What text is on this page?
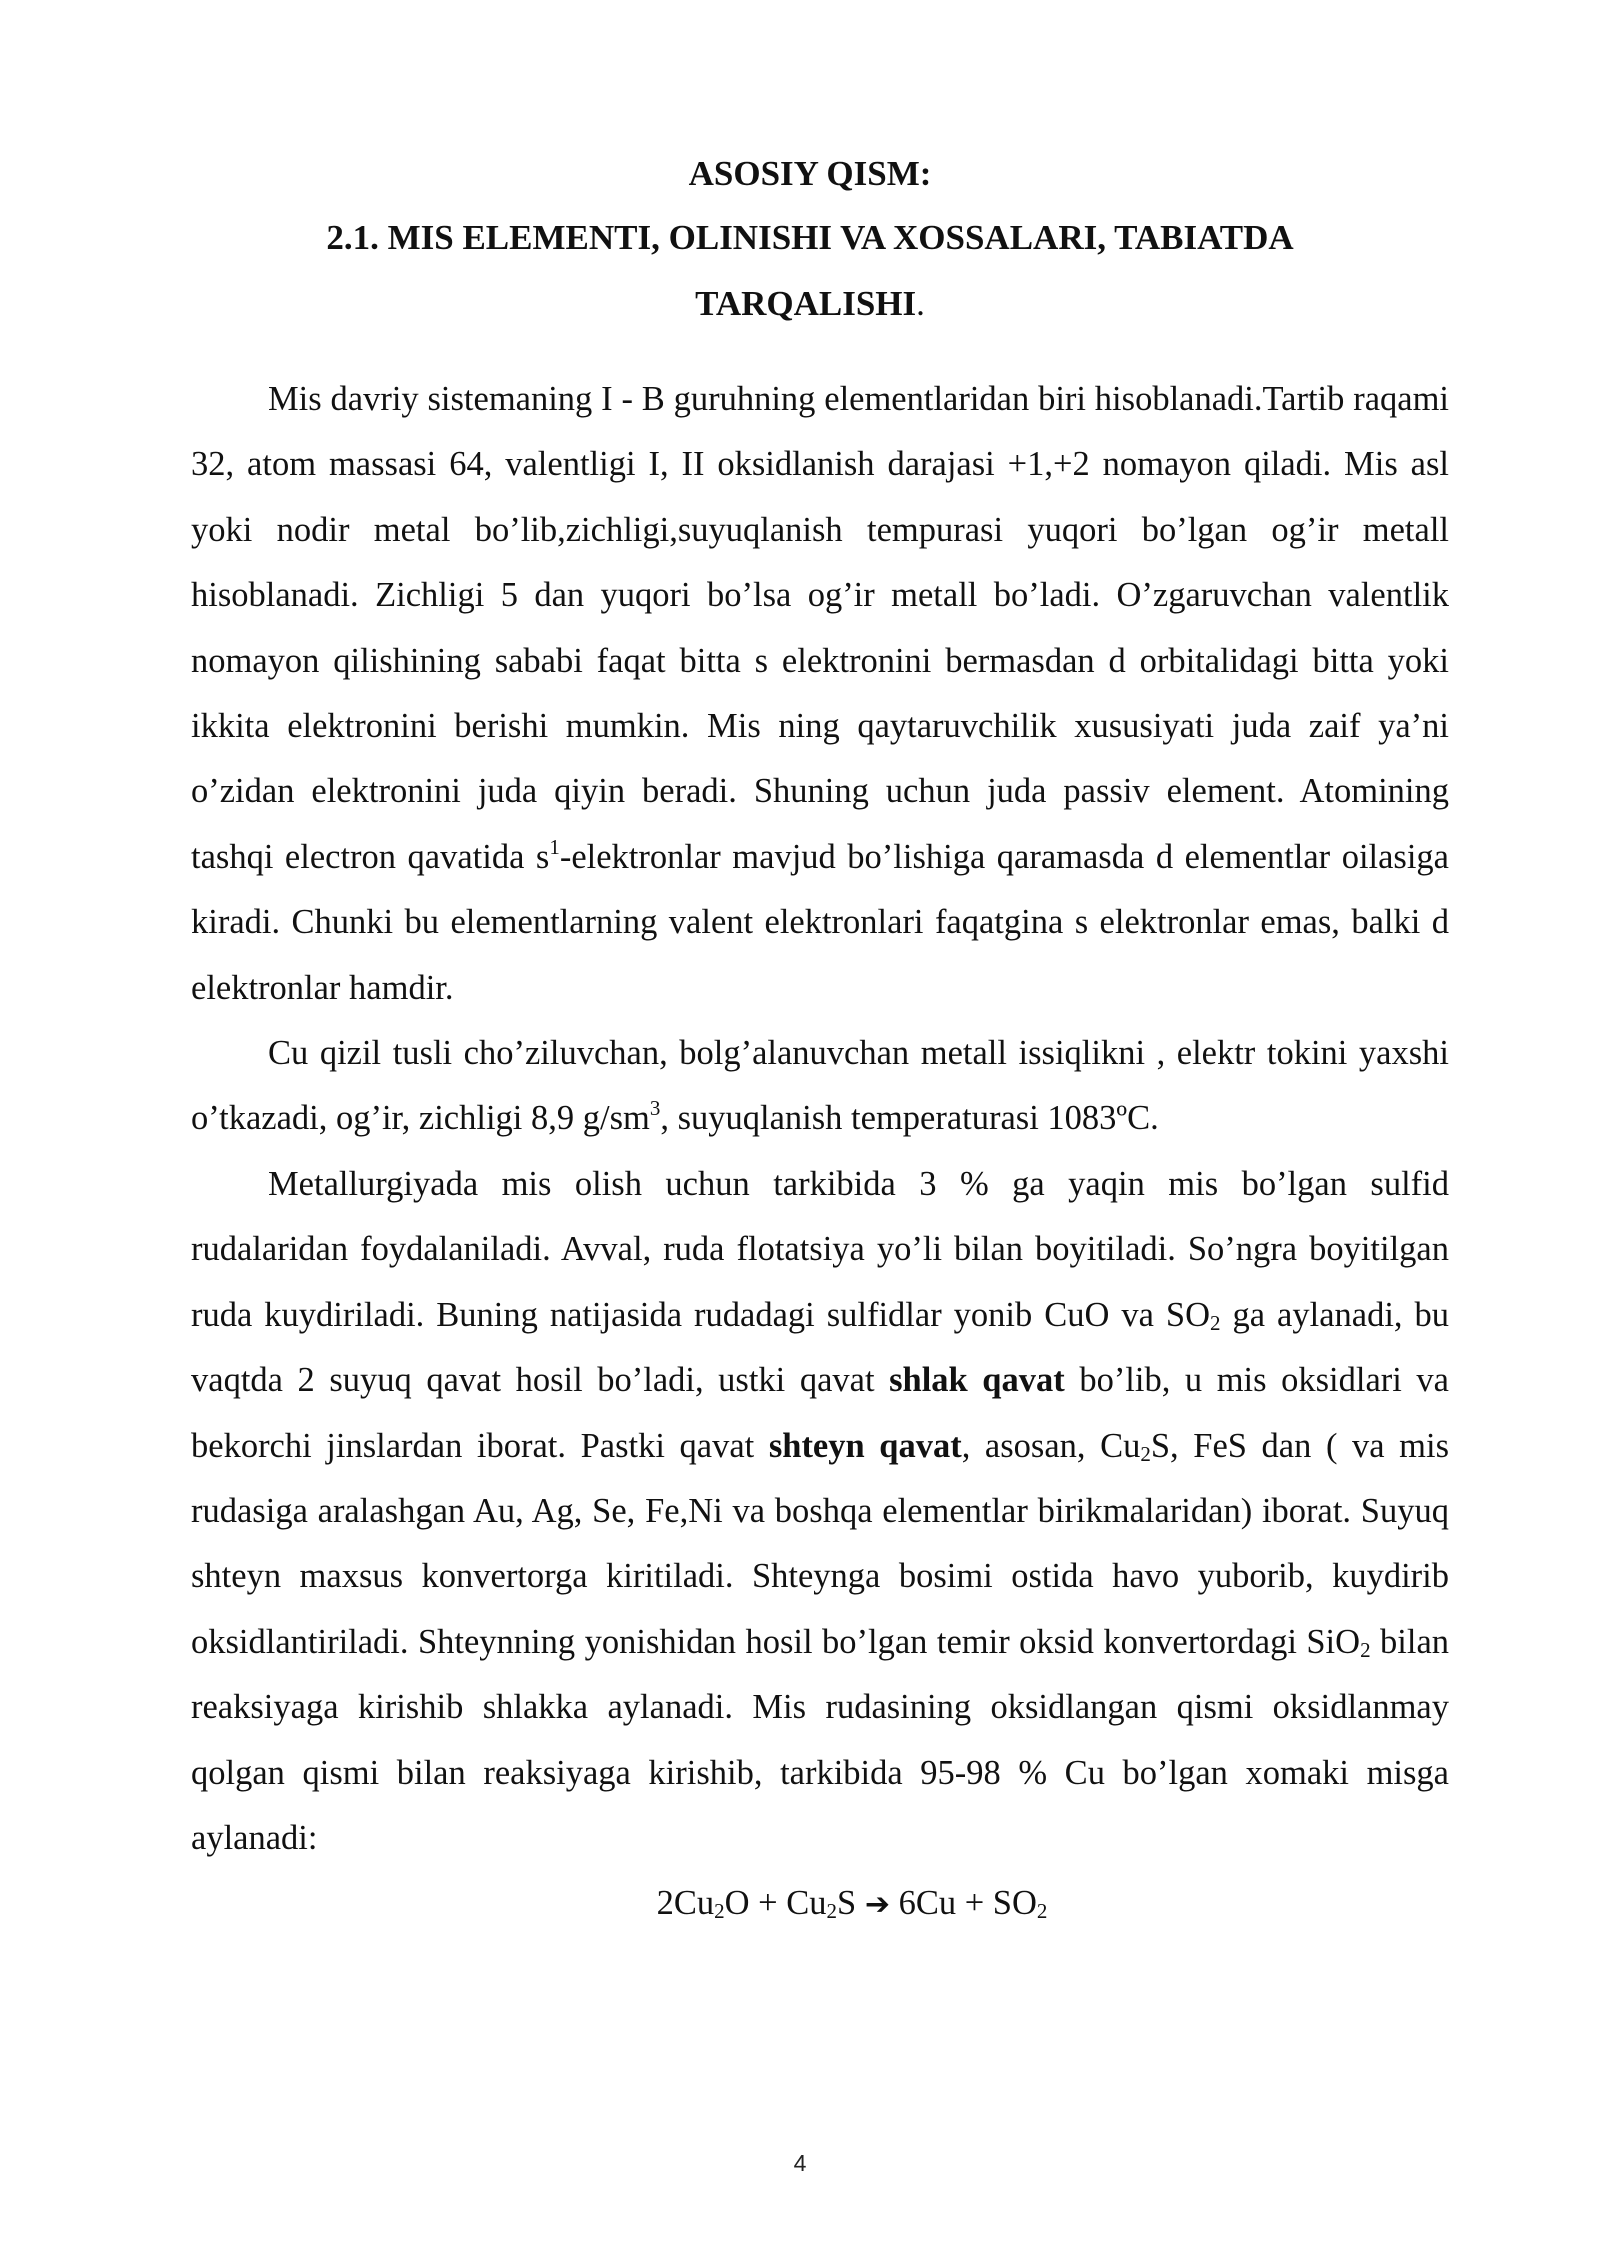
ASOSIY QISM:
2.1. MIS ELEMENTI, OLINISHI VA XOSSALARI, TABIATDA
TARQALISHI.

Mis davriy sistemaning I - B guruhning elementlaridan biri hisoblanadi.Tartib raqami 32, atom massasi 64, valentligi I, II oksidlanish darajasi +1,+2 nomayon qiladi. Mis asl yoki nodir metal bo’lib,zichligi,suyuqlanish tempurasi yuqori bo’lgan og’ir metall hisoblanadi. Zichligi 5 dan yuqori bo’lsa og’ir metall bo’ladi. O’zgaruvchan valentlik nomayon qilishining sababi faqat bitta s elektronini bermasdan d orbitalidagi bitta yoki ikkita elektronini berishi mumkin. Mis ning qaytaruvchilik xususiyati juda zaif ya’ni o’zidan elektronini juda qiyin beradi. Shuning uchun juda passiv element. Atomining tashqi electron qavatida $s^1$-elektronlar mavjud bo’lishiga qaramasda d elementlar oilasiga kiradi. Chunki bu elementlarning valent elektronlari faqatgina s elektronlar emas, balki d elektronlar hamdir.

Cu qizil tusli cho’ziluvchan, bolg’alanuvchan metall issiqlikni , elektr tokini yaxshi o’tkazadi, og’ir, zichligi 8,9 $g/sm^3$, suyuqlanish temperaturasi 1083ºC.

Metallurgiyada mis olish uchun tarkibida 3 % ga yaqin mis bo’lgan sulfid rudalaridan foydalaniladi. Avval, ruda flotatsiya yo’li bilan boyitiladi. So’ngra boyitilgan ruda kuydiriladi. Buning natijasida rudadagi sulfidlar yonib CuO va $SO_2$ ga aylanadi, bu vaqtda 2 suyuq qavat hosil bo’ladi, ustki qavat shlak qavat bo’lib, u mis oksidlari va bekorchi jinslardan iborat. Pastki qavat shteyn qavat, asosan, $Cu_2S$, FeS dan ( va mis rudasiga aralashgan Au, Ag, Se, Fe,Ni va boshqa elementlar birikmalaridan) iborat. Suyuq shteyn maxsus konvertorga kiritiladi. Shteynga bosimi ostida havo yuborib, kuydirib oksidlantiriladi. Shteynning yonishidan hosil bo’lgan temir oksid konvertordagi SiO$_2$ bilan reaksiyaga kirishib shlakka aylanadi. Mis rudasining oksidlangan qismi oksidlanmay qolgan qismi bilan reaksiyaga kirishib, tarkibida 95-98 % Cu bo’lgan xomaki misga aylanadi:

$2Cu_2O + Cu_2S$ ➔ $6Cu + SO_2$

4
